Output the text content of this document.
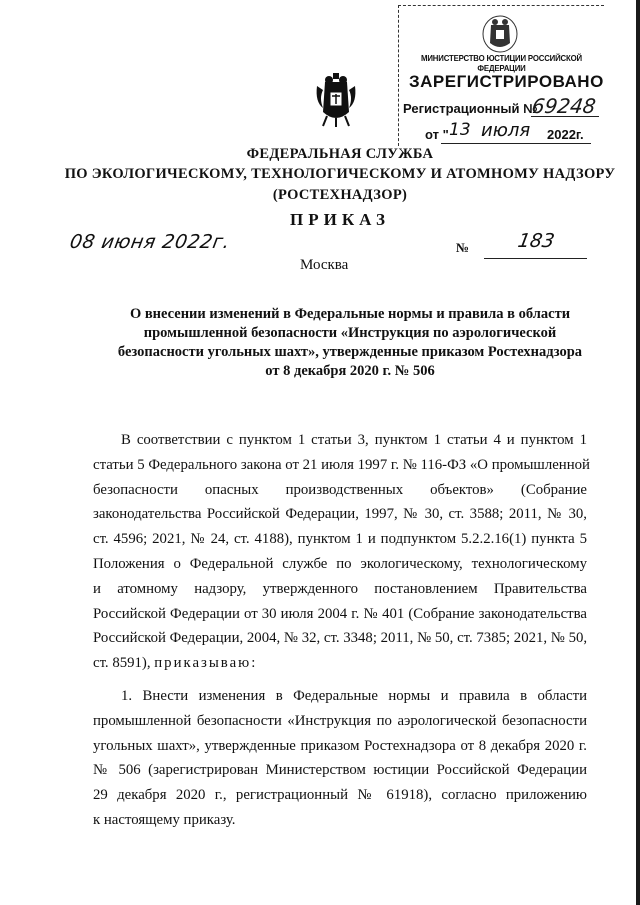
МИНИСТЕРСТВО ЮСТИЦИИ РОССИЙСКОЙ ФЕДЕРАЦИИ
ЗАРЕГИСТРИРОВАНО
Регистрационный №
69248
от " 13 июля 2022г.
ФЕДЕРАЛЬНАЯ СЛУЖБА
ПО ЭКОЛОГИЧЕСКОМУ, ТЕХНОЛОГИЧЕСКОМУ И АТОМНОМУ НАДЗОРУ
(РОСТЕХНАДЗОР)
ПРИКАЗ
08 июня 2022г.	№ 183
Москва
О внесении изменений в Федеральные нормы и правила в области
промышленной безопасности «Инструкция по аэрологической
безопасности угольных шахт», утвержденные приказом Ростехнадзора
от 8 декабря 2020 г. № 506
В соответствии с пунктом 1 статьи 3, пунктом 1 статьи 4 и пунктом 1
статьи 5 Федерального закона от 21 июля 1997 г. № 116-ФЗ «О промышленной
безопасности опасных производственных объектов» (Собрание
законодательства Российской Федерации, 1997, № 30, ст. 3588; 2011, № 30,
ст. 4596; 2021, № 24, ст. 4188), пунктом 1 и подпунктом 5.2.2.16(1) пункта 5
Положения о Федеральной службе по экологическому, технологическому
и атомному надзору, утвержденного постановлением Правительства
Российской Федерации от 30 июля 2004 г. № 401 (Собрание законодательства
Российской Федерации, 2004, № 32, ст. 3348; 2011, № 50, ст. 7385; 2021, № 50,
ст. 8591), приказываю:
1. Внести изменения в Федеральные нормы и правила в области
промышленной безопасности «Инструкция по аэрологической безопасности
угольных шахт», утвержденные приказом Ростехнадзора от 8 декабря 2020 г.
№ 506 (зарегистрирован Министерством юстиции Российской Федерации
29 декабря 2020 г., регистрационный № 61918), согласно приложению
к настоящему приказу.
